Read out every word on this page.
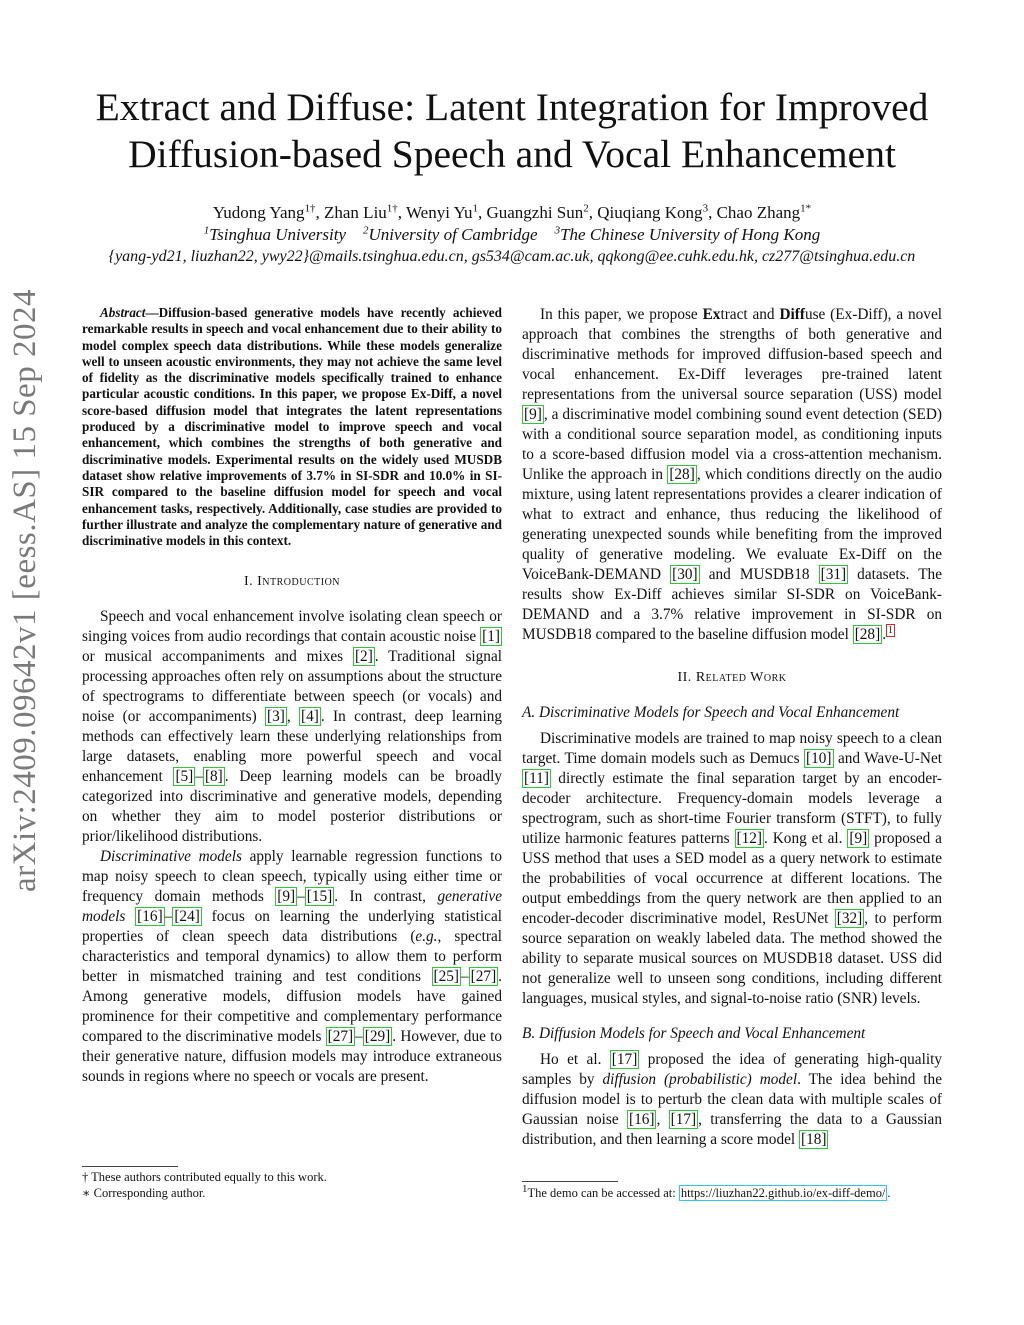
arXiv:2409.09642v1 [eess.AS] 15 Sep 2024
Extract and Diffuse: Latent Integration for Improved
Diffusion-based Speech and Vocal Enhancement
Yudong Yang$^{1\dagger}$, Zhan Liu$^{1\dagger}$, Wenyi Yu$^1$, Guangzhi Sun$^2$, Qiuqiang Kong$^3$, Chao Zhang$^{1*}$
$^1$Tsinghua University $^2$University of Cambridge $^3$The Chinese University of Hong Kong
{yang-yd21, liuzhan22, ywy22}@mails.tsinghua.edu.cn, gs534@cam.ac.uk, qqkong@ee.cuhk.edu.hk, cz277@tsinghua.edu.cn

Abstract—Diffusion-based generative models have recently achieved remarkable results in speech and vocal enhancement due to their ability to model complex speech data distributions. While these models generalize well to unseen acoustic environments, they may not achieve the same level of fidelity as the discriminative models specifically trained to enhance particular acoustic conditions. In this paper, we propose Ex-Diff, a novel score-based diffusion model that integrates the latent representations produced by a discriminative model to improve speech and vocal enhancement, which combines the strengths of both generative and discriminative models. Experimental results on the widely used MUSDB dataset show relative improvements of 3.7% in SI-SDR and 10.0% in SI-SIR compared to the baseline diffusion model for speech and vocal enhancement tasks, respectively. Additionally, case studies are provided to further illustrate and analyze the complementary nature of generative and discriminative models in this context.

I. Introduction

Speech and vocal enhancement involve isolating clean speech or singing voices from audio recordings that contain acoustic noise [1] or musical accompaniments and mixes [2] . Traditional signal processing approaches often rely on assumptions about the structure of spectrograms to differentiate between speech (or vocals) and noise (or accompaniments) [3] , [4] . In contrast, deep learning methods can effectively learn these underlying relationships from large datasets, enabling more powerful speech and vocal enhancement [5] – [8] . Deep learning models can be broadly categorized into discriminative and generative models, depending on whether they aim to model posterior distributions or prior/likelihood distributions.

Discriminative models apply learnable regression functions to map noisy speech to clean speech, typically using either time or frequency domain methods [9] – [15] . In contrast, generative models [16] – [24] focus on learning the underlying statistical properties of clean speech data distributions (e.g., spectral characteristics and temporal dynamics) to allow them to perform better in mismatched training and test conditions [25] – [27] . Among generative models, diffusion models have gained prominence for their competitive and complementary performance compared to the discriminative models [27] – [29] . However, due to their generative nature, diffusion models may introduce extraneous sounds in regions where no speech or vocals are present.

† These authors contributed equally to this work.
∗ Corresponding author.

In this paper, we propose Extract and Diffuse (Ex-Diff), a novel approach that combines the strengths of both generative and discriminative methods for improved diffusion-based speech and vocal enhancement. Ex-Diff leverages pre-trained latent representations from the universal source separation (USS) model [9] , a discriminative model combining sound event detection (SED) with a conditional source separation model, as conditioning inputs to a score-based diffusion model via a cross-attention mechanism. Unlike the approach in [28] , which conditions directly on the audio mixture, using latent representations provides a clearer indication of what to extract and enhance, thus reducing the likelihood of generating unexpected sounds while benefiting from the improved quality of generative modeling. We evaluate Ex-Diff on the VoiceBank-DEMAND [30] and MUSDB18 [31] datasets. The results show Ex-Diff achieves similar SI-SDR on VoiceBank-DEMAND and a 3.7% relative improvement in SI-SDR on MUSDB18 compared to the baseline diffusion model [28] . $^1$

II. Related Work
A. Discriminative Models for Speech and Vocal Enhancement

Discriminative models are trained to map noisy speech to a clean target. Time domain models such as Demucs [10] and Wave-U-Net [11] directly estimate the final separation target by an encoder-decoder architecture. Frequency-domain models leverage a spectrogram, such as short-time Fourier transform (STFT), to fully utilize harmonic features patterns [12] . Kong et al. [9] proposed a USS method that uses a SED model as a query network to estimate the probabilities of vocal occurrence at different locations. The output embeddings from the query network are then applied to an encoder-decoder discriminative model, ResUNet [32] , to perform source separation on weakly labeled data. The method showed the ability to separate musical sources on MUSDB18 dataset. USS did not generalize well to unseen song conditions, including different languages, musical styles, and signal-to-noise ratio (SNR) levels.

B. Diffusion Models for Speech and Vocal Enhancement

Ho et al. [17] proposed the idea of generating high-quality samples by diffusion (probabilistic) model. The idea behind the diffusion model is to perturb the clean data with multiple scales of Gaussian noise [16] , [17] , transferring the data to a Gaussian distribution, and then learning a score model [18]

$^1$The demo can be accessed at: https://liuzhan22.github.io/ex-diff-demo/ .
